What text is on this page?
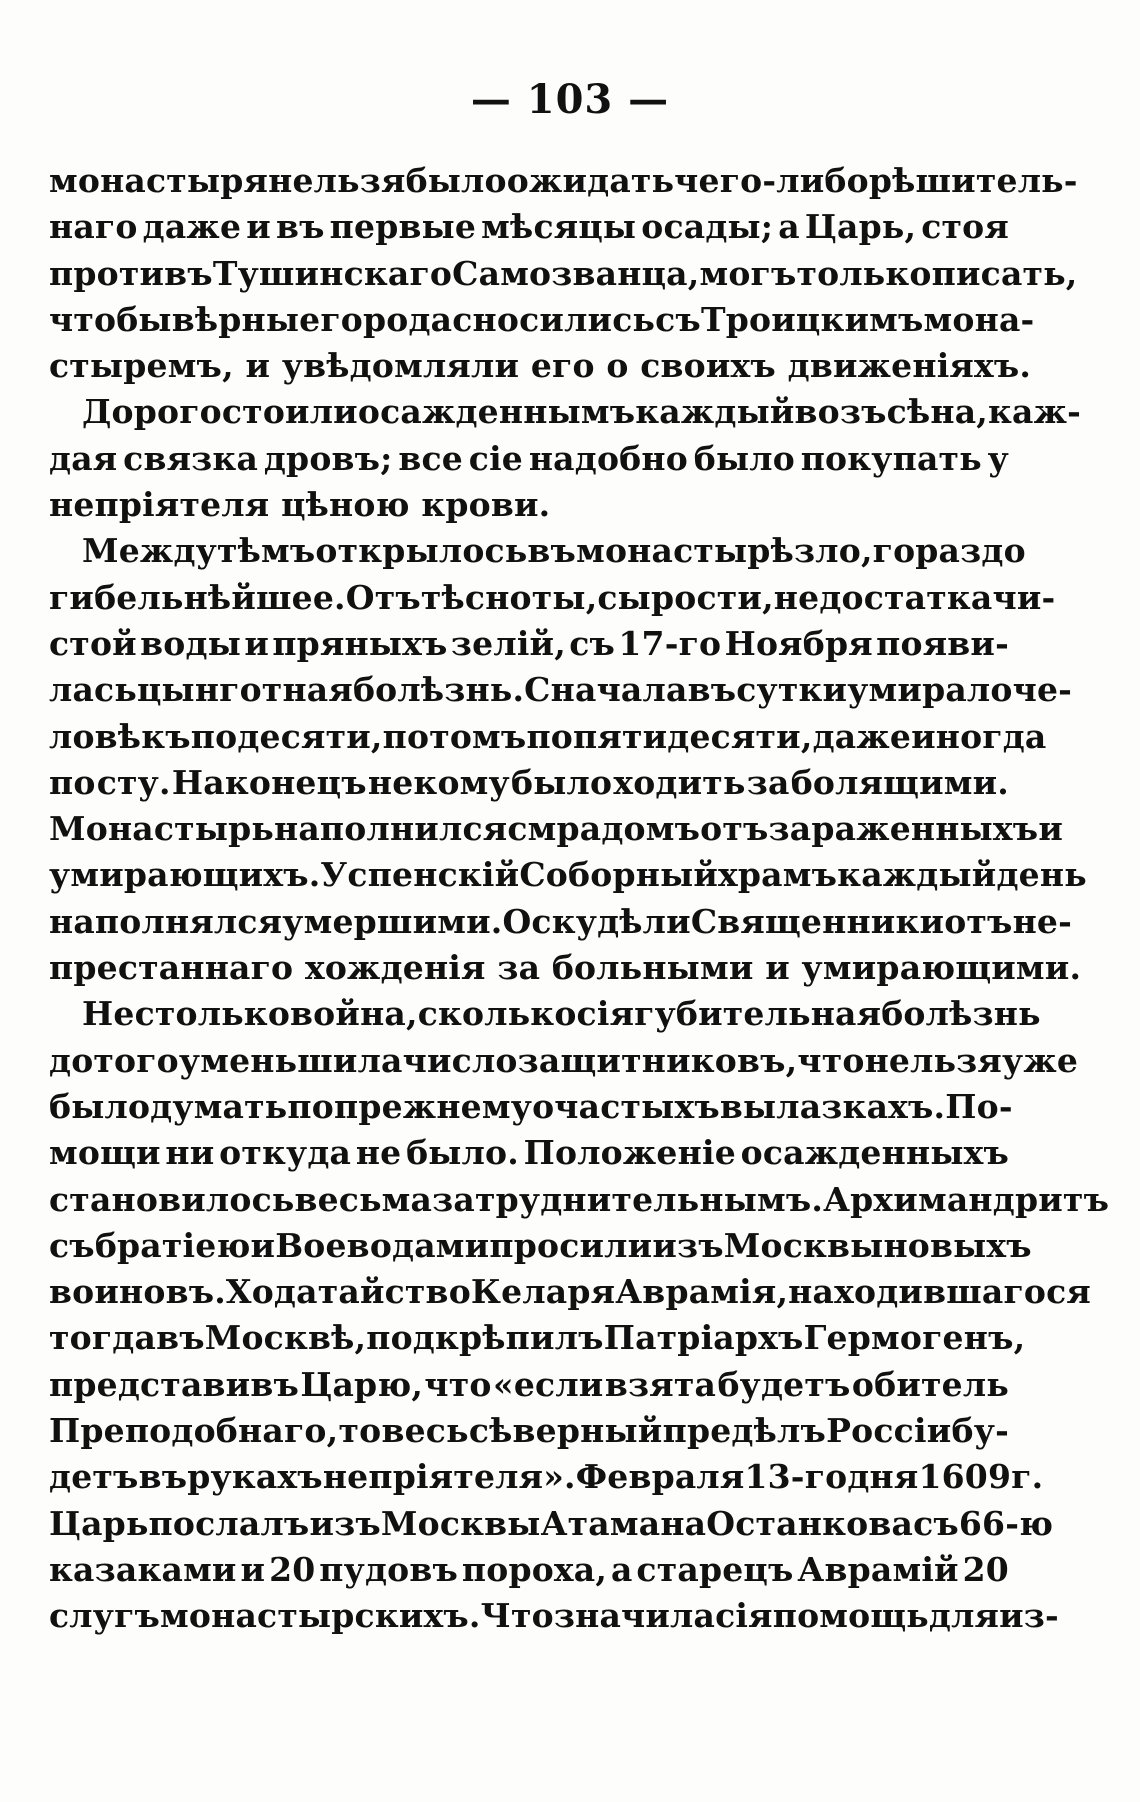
— 103 —
монастыря нельзя было ожидать чего-либо рѣшитель-
наго даже и въ первые мѣсяцы осады; а Царь, стоя
противъ Тушинскаго Самозванца, могъ только писать,
чтобы вѣрные города сносились съ Троицкимъ мона-
стыремъ, и увѣдомляли его о своихъ движеніяхъ.
Дорого стоили осажденнымъ каждый возъ сѣна, каж-
дая связка дровъ; все сіе надобно было покупать у
непріятеля цѣною крови.
Между тѣмъ открылось въ монастырѣ зло, гораздо
гибельнѣйшее. Отъ тѣсноты, сырости, недостатка чи-
стой воды и пряныхъ зелій, съ 17-го Ноября появи-
лась цынготная болѣзнь. Сначала въ сутки умирало че-
ловѣкъ по десяти, потомъ по пятидесяти, даже иногда
по сту. Наконецъ некому было ходить за болящими.
Монастырь наполнился смрадомъ отъ зараженныхъ и
умирающихъ. Успенскій Соборный храмъ каждый день
наполнялся умершими. Оскудѣли Священники отъ не-
престаннаго хожденія за больными и умирающими.
Не столько война, сколько сія губительная болѣзнь
до того уменьшила число защитниковъ, что нельзя уже
было думать по прежнему о частыхъ вылазкахъ. По-
мощи ни откуда не было. Положеніе осажденныхъ
становилось весьма затруднительнымъ. Архимандритъ
съ братіею и Воеводами просили изъ Москвы новыхъ
воиновъ. Ходатайство Келаря Аврамія, находившагося
тогда въ Москвѣ, подкрѣпилъ Патріархъ Гермогенъ,
представивъ Царю, что «если взята будетъ обитель
Преподобнаго, то весь сѣверный предѣлъ Россіи бу-
детъ въ рукахъ непріятеля». Февраля 13-го дня 1609 г.
Царь послалъ изъ Москвы Атамана Останкова съ 66-ю
казаками и 20 пудовъ пороха, а старецъ Аврамій 20
слугъ монастырскихъ. Что значила сія помощь для из-
